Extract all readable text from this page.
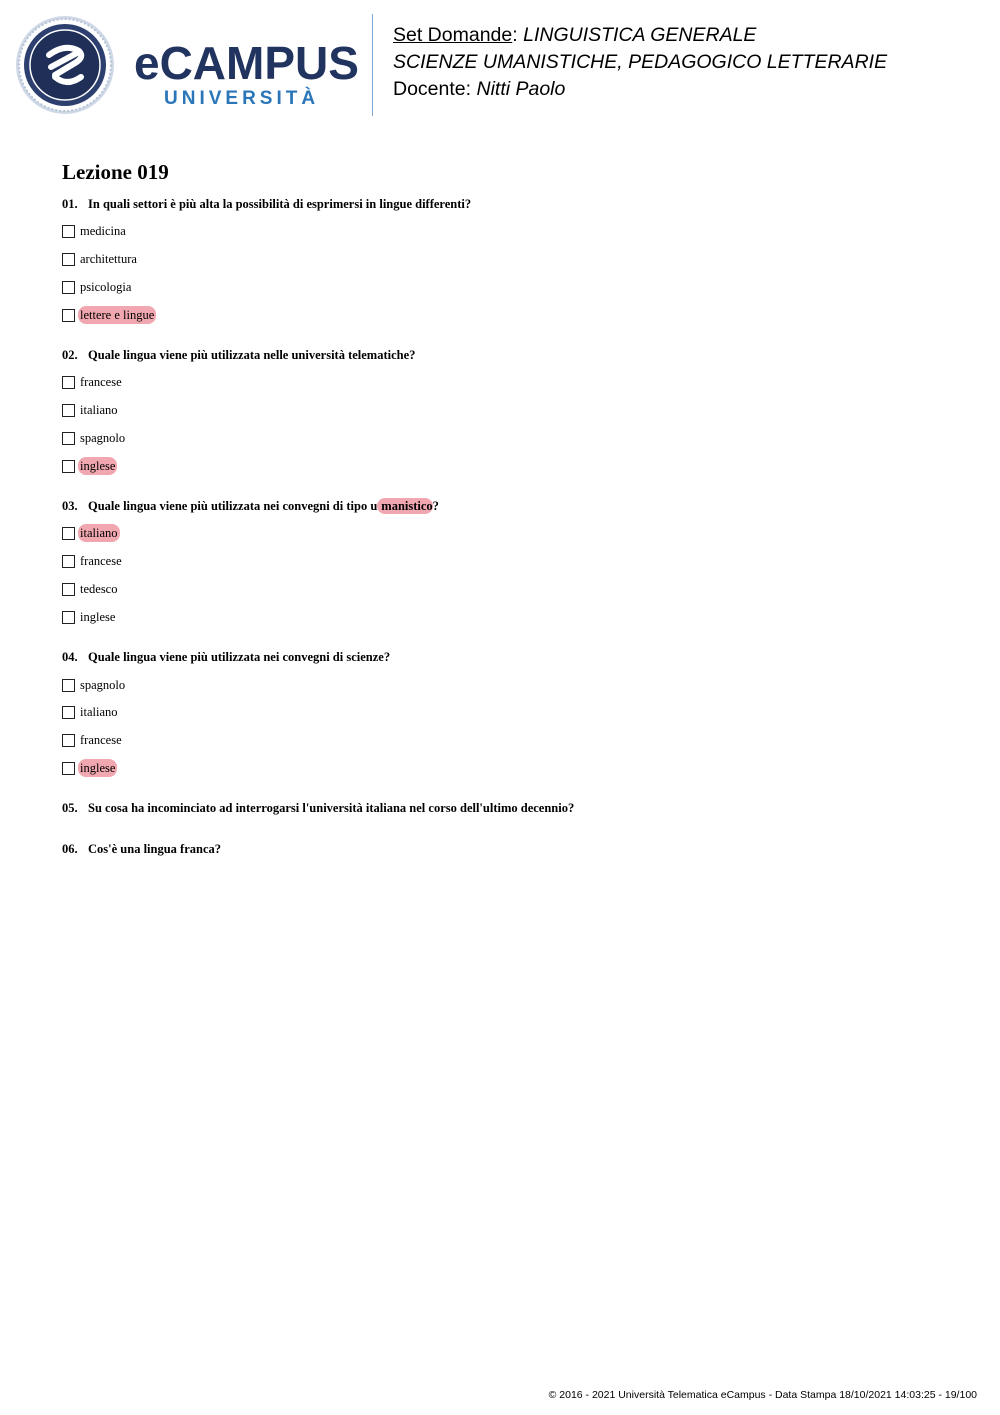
eCAMPUS
UNIVERSITÀ
Set Domande: LINGUISTICA GENERALE
SCIENZE UMANISTICHE, PEDAGOGICO LETTERARIE
Docente: Nitti Paolo
Lezione 019
01. In quali settori è più alta la possibilità di esprimersi in lingue differenti?
medicina
architettura
psicologia
lettere e lingue
02. Quale lingua viene più utilizzata nelle università telematiche?
francese
italiano
spagnolo
inglese
03. Quale lingua viene più utilizzata nei convegni di tipo u manistico?
italiano
francese
tedesco
inglese
04. Quale lingua viene più utilizzata nei convegni di scienze?
spagnolo
italiano
francese
inglese
05. Su cosa ha incominciato ad interrogarsi l'università italiana nel corso dell'ultimo decennio?
06. Cos'è una lingua franca?
© 2016 - 2021 Università Telematica eCampus - Data Stampa 18/10/2021 14:03:25 - 19/100
